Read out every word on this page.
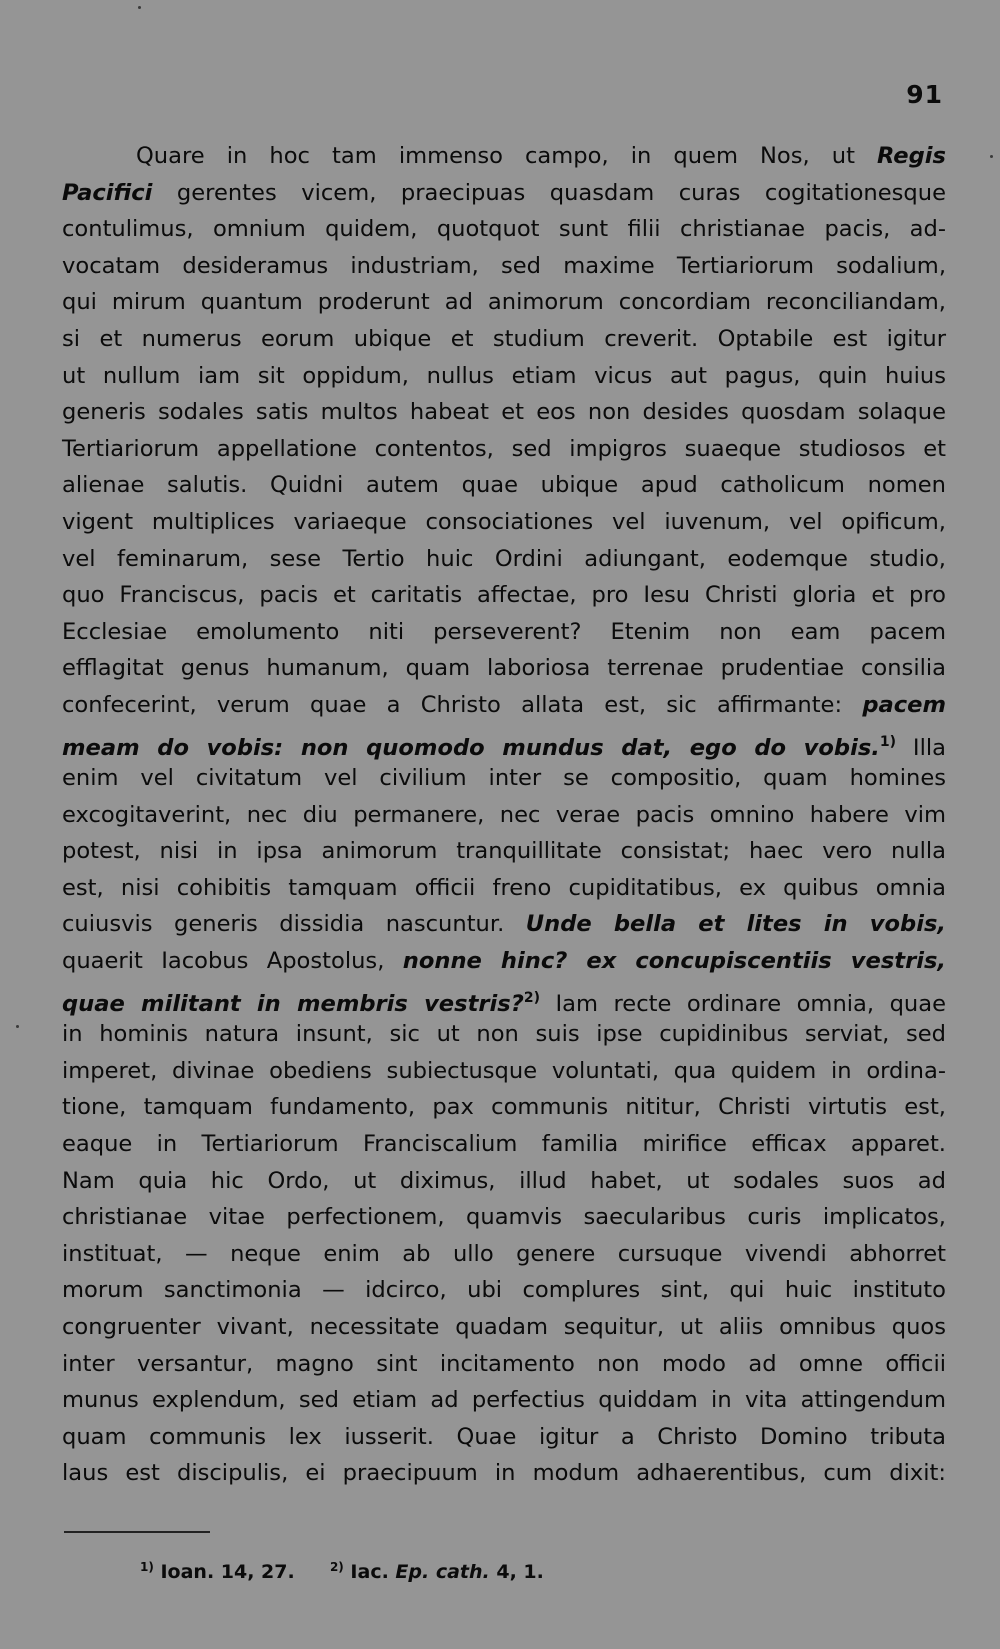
91
Quare in hoc tam immenso campo, in quem Nos, ut Regis
Pacifici gerentes vicem, praecipuas quasdam curas cogitationesque
contulimus, omnium quidem, quotquot sunt filii christianae pacis, ad-
vocatam desideramus industriam, sed maxime Tertiariorum sodalium,
qui mirum quantum proderunt ad animorum concordiam reconciliandam,
si et numerus eorum ubique et studium creverit. Optabile est igitur
ut nullum iam sit oppidum, nullus etiam vicus aut pagus, quin huius
generis sodales satis multos habeat et eos non desides quosdam solaque
Tertiariorum appellatione contentos, sed impigros suaeque studiosos et
alienae salutis. Quidni autem quae ubique apud catholicum nomen
vigent multiplices variaeque consociationes vel iuvenum, vel opificum,
vel feminarum, sese Tertio huic Ordini adiungant, eodemque studio,
quo Franciscus, pacis et caritatis affectae, pro Iesu Christi gloria et pro
Ecclesiae emolumento niti perseverent? Etenim non eam pacem
efflagitat genus humanum, quam laboriosa terrenae prudentiae consilia
confecerint, verum quae a Christo allata est, sic affirmante: pacem
meam do vobis: non quomodo mundus dat, ego do vobis.$^{1)}$ Illa
enim vel civitatum vel civilium inter se compositio, quam homines
excogitaverint, nec diu permanere, nec verae pacis omnino habere vim
potest, nisi in ipsa animorum tranquillitate consistat; haec vero nulla
est, nisi cohibitis tamquam officii freno cupiditatibus, ex quibus omnia
cuiusvis generis dissidia nascuntur. Unde bella et lites in vobis,
quaerit Iacobus Apostolus, nonne hinc? ex concupiscentiis vestris,
quae militant in membris vestris?$^{2)}$ Iam recte ordinare omnia, quae
in hominis natura insunt, sic ut non suis ipse cupidinibus serviat, sed
imperet, divinae obediens subiectusque voluntati, qua quidem in ordina-
tione, tamquam fundamento, pax communis nititur, Christi virtutis est,
eaque in Tertiariorum Franciscalium familia mirifice efficax apparet.
Nam quia hic Ordo, ut diximus, illud habet, ut sodales suos ad
christianae vitae perfectionem, quamvis saecularibus curis implicatos,
instituat, — neque enim ab ullo genere cursuque vivendi abhorret
morum sanctimonia — idcirco, ubi complures sint, qui huic instituto
congruenter vivant, necessitate quadam sequitur, ut aliis omnibus quos
inter versantur, magno sint incitamento non modo ad omne officii
munus explendum, sed etiam ad perfectius quiddam in vita attingendum
quam communis lex iusserit. Quae igitur a Christo Domino tributa
laus est discipulis, ei praecipuum in modum adhaerentibus, cum dixit:
$^{1)}$ Ioan. 14, 27.	$^{2)}$ Iac. Ep. cath. 4, 1.
